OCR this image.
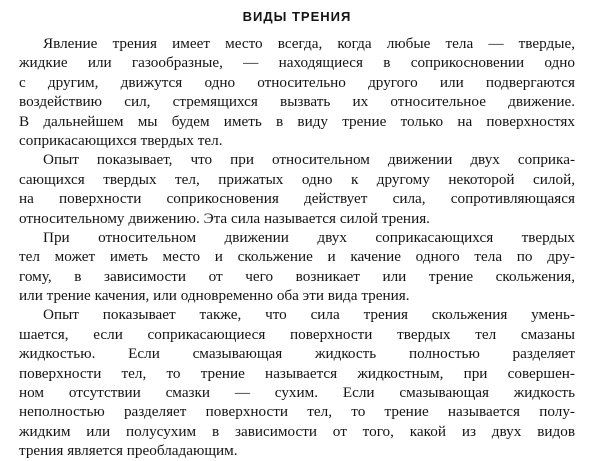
ВИДЫ ТРЕНИЯ
Явление трения имеет место всегда, когда любые тела — твердые,
жидкие или газообразные, — находящиеся в соприкосновении одно
с другим, движутся одно относительно другого или подвергаются
воздействию сил, стремящихся вызвать их относительное движение.
В дальнейшем мы будем иметь в виду трение только на поверхностях
соприкасающихся твердых тел.
Опыт показывает, что при относительном движении двух соприка-
сающихся твердых тел, прижатых одно к другому некоторой силой,
на поверхности соприкосновения действует сила, сопротивляющаяся
относительному движению. Эта сила называется силой трения.
При относительном движении двух соприкасающихся твердых
тел может иметь место и скольжение и качение одного тела по дру-
гому, в зависимости от чего возникает или трение скольжения,
или трение качения, или одновременно оба эти вида трения.
Опыт показывает также, что сила трения скольжения умень-
шается, если соприкасающиеся поверхности твердых тел смазаны
жидкостью. Если смазывающая жидкость полностью разделяет
поверхности тел, то трение называется жидкостным, при совершен-
ном отсутствии смазки — сухим. Если смазывающая жидкость
неполностью разделяет поверхности тел, то трение называется полу-
жидким или полусухим в зависимости от того, какой из двух видов
трения является преобладающим.
